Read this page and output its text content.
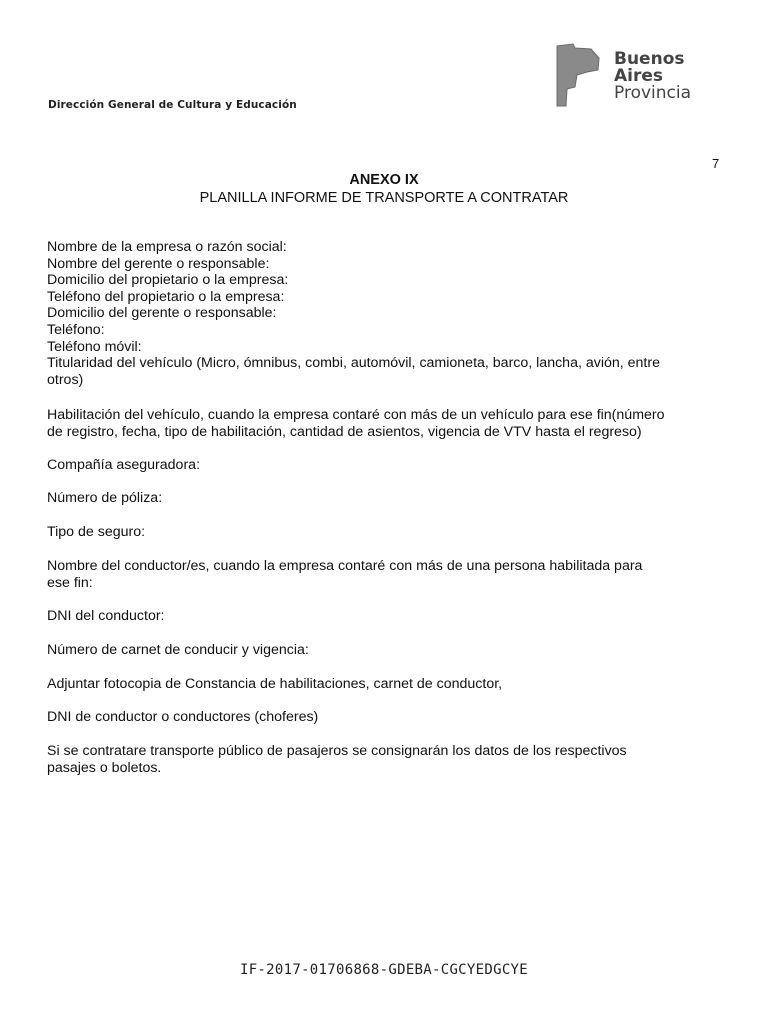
Dirección General de Cultura y Educación
Buenos
Aires
Provincia
7
ANEXO IX
PLANILLA INFORME DE TRANSPORTE A CONTRATAR
Nombre de la empresa o razón social:
Nombre del gerente o responsable:
Domicilio del propietario o la empresa:
Teléfono del propietario o la empresa:
Domicilio del gerente o responsable:
Teléfono:
Teléfono móvil:
Titularidad del vehículo (Micro, ómnibus, combi, automóvil, camioneta, barco, lancha, avión, entre
otros)
Habilitación del vehículo, cuando la empresa contaré con más de un vehículo para ese fin(número
de registro, fecha, tipo de habilitación, cantidad de asientos, vigencia de VTV hasta el regreso)
Compañía aseguradora:
Número de póliza:
Tipo de seguro:
Nombre del conductor/es, cuando la empresa contaré con más de una persona habilitada para
ese fin:
DNI del conductor:
Número de carnet de conducir y vigencia:
Adjuntar fotocopia de Constancia de habilitaciones, carnet de conductor,
DNI de conductor o conductores (choferes)
Si se contratare transporte público de pasajeros se consignarán los datos de los respectivos
pasajes o boletos.
IF-2017-01706868-GDEBA-CGCYEDGCYE
